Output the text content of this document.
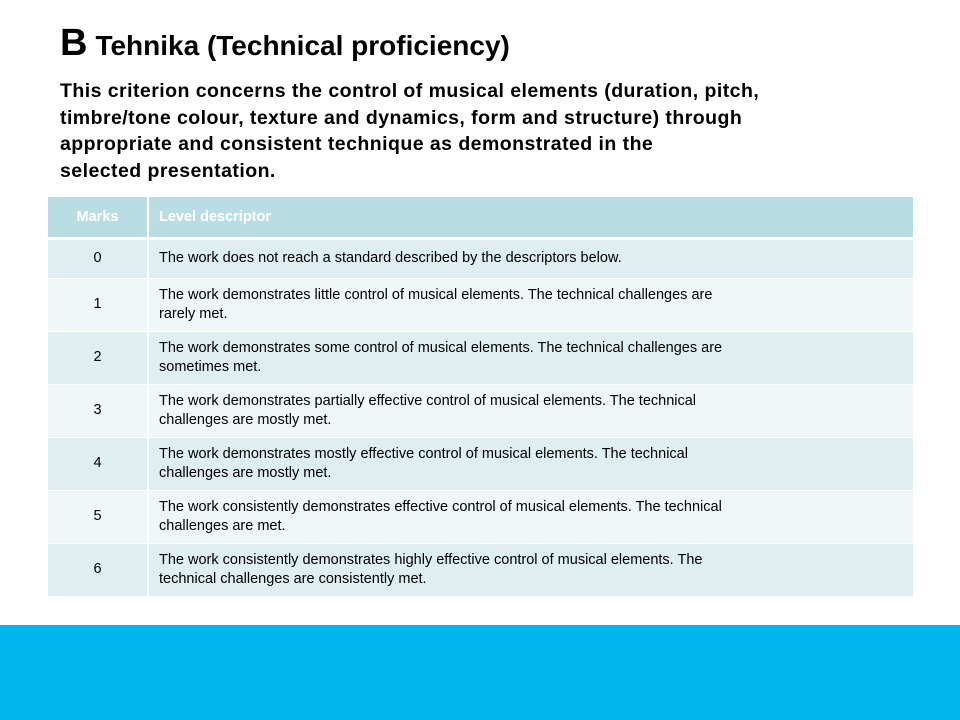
B Tehnika (Technical proficiency)
This criterion concerns the control of musical elements (duration, pitch,
timbre/tone colour, texture and dynamics, form and structure) through
appropriate and consistent technique as demonstrated in the
selected presentation.
Marks	Level descriptor
0	The work does not reach a standard described by the descriptors below.
1	The work demonstrates little control of musical elements. The technical challenges are
rarely met.
2	The work demonstrates some control of musical elements. The technical challenges are
sometimes met.
3	The work demonstrates partially effective control of musical elements. The technical
challenges are mostly met.
4	The work demonstrates mostly effective control of musical elements. The technical
challenges are mostly met.
5	The work consistently demonstrates effective control of musical elements. The technical
challenges are met.
6	The work consistently demonstrates highly effective control of musical elements. The
technical challenges are consistently met.
